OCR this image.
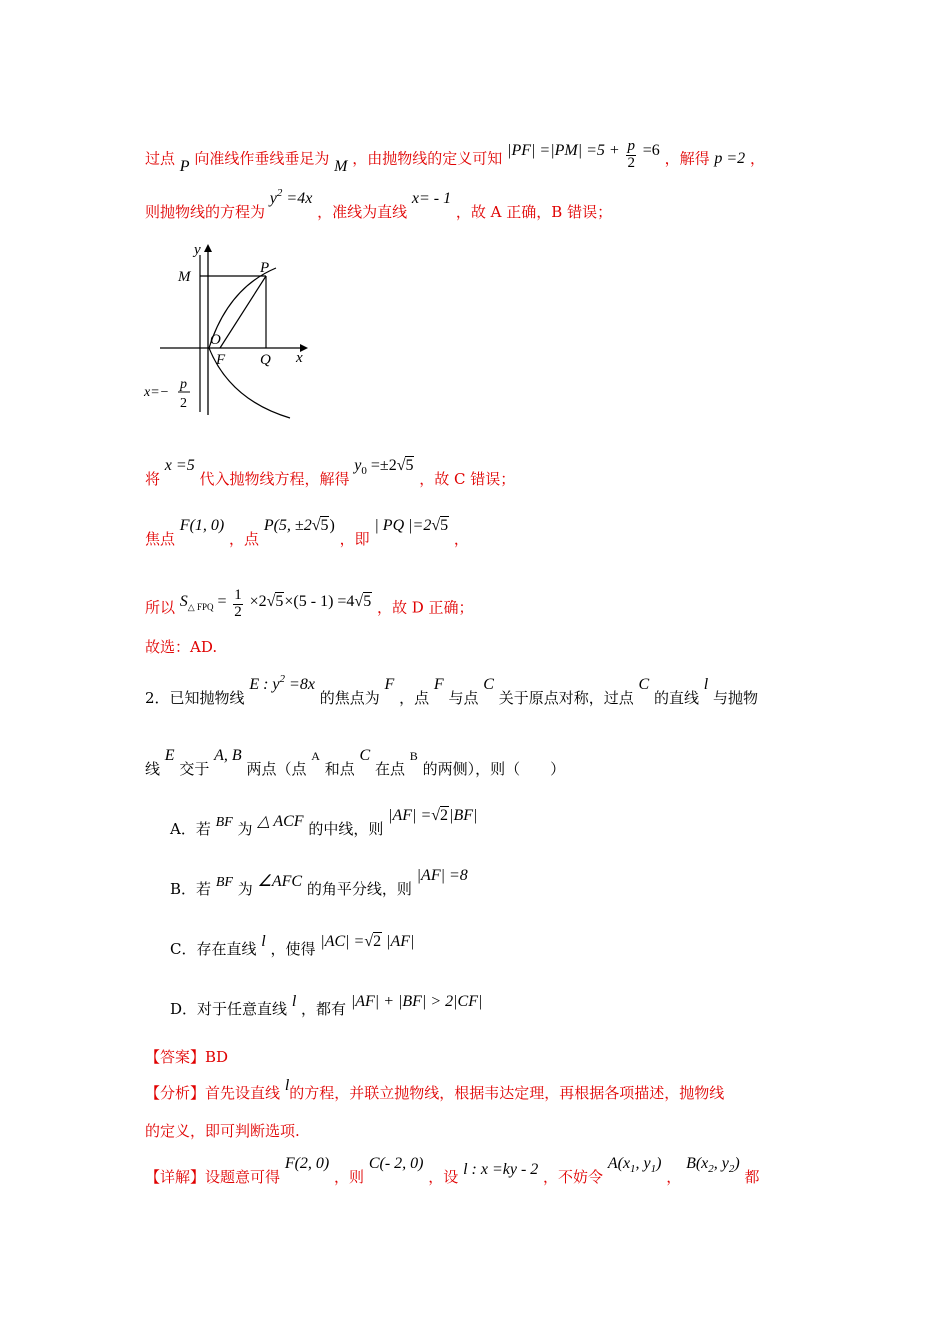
过点 P 向准线作垂线垂足为 M ，由抛物线的定义可知 $|PF| =|PM| =5 + \frac{p}{2} =6$ ，解得 p =2 ，
则抛物线的方程为 $y^2 =4x$ ，准线为直线 x= - 1 ，故 A 正确，B 错误；
y
M
P
O
F Q x
x=−
p
2
将 x =5 代入抛物线方程，解得 $y_0 =\pm 2√5$ ，故 C 错误；
焦点 F(1, 0) ，点 P(5, ±2√5) ，即 | PQ |=2√5 ，
所以 $S_{\triangle FPQ} = \frac{1}{2} \times 2√5\times(5 - 1) =4√5$ ，故 D 正确；
故选：AD.
2．已知抛物线 E : $y^2 =8x$ 的焦点为 F ，点 F 与点 C 关于原点对称，过点 C 的直线 l 与抛物
线 E 交于 A, B 两点（点 A 和点 C 在点 B 的两侧），则（　　）
A．若 BF 为 △ ACF 的中线，则 |AF| =√2|BF|
B．若 BF 为 ∠AFC 的角平分线，则 |AF| =8
C．存在直线 l ，使得 |AC| =√2 |AF|
D．对于任意直线 l ，都有 |AF| + |BF| > 2|CF|
【答案】BD
【分析】首先设直线 l的方程，并联立抛物线，根据韦达定理，再根据各项描述，抛物线
的定义，即可判断选项.
【详解】设题意可得 F(2, 0) ，则 C(- 2, 0) ，设 l : x =ky - 2 ，不妨令 $A(x_1$, $y_1$) ， $B(x_2$, $y_2$) 都
